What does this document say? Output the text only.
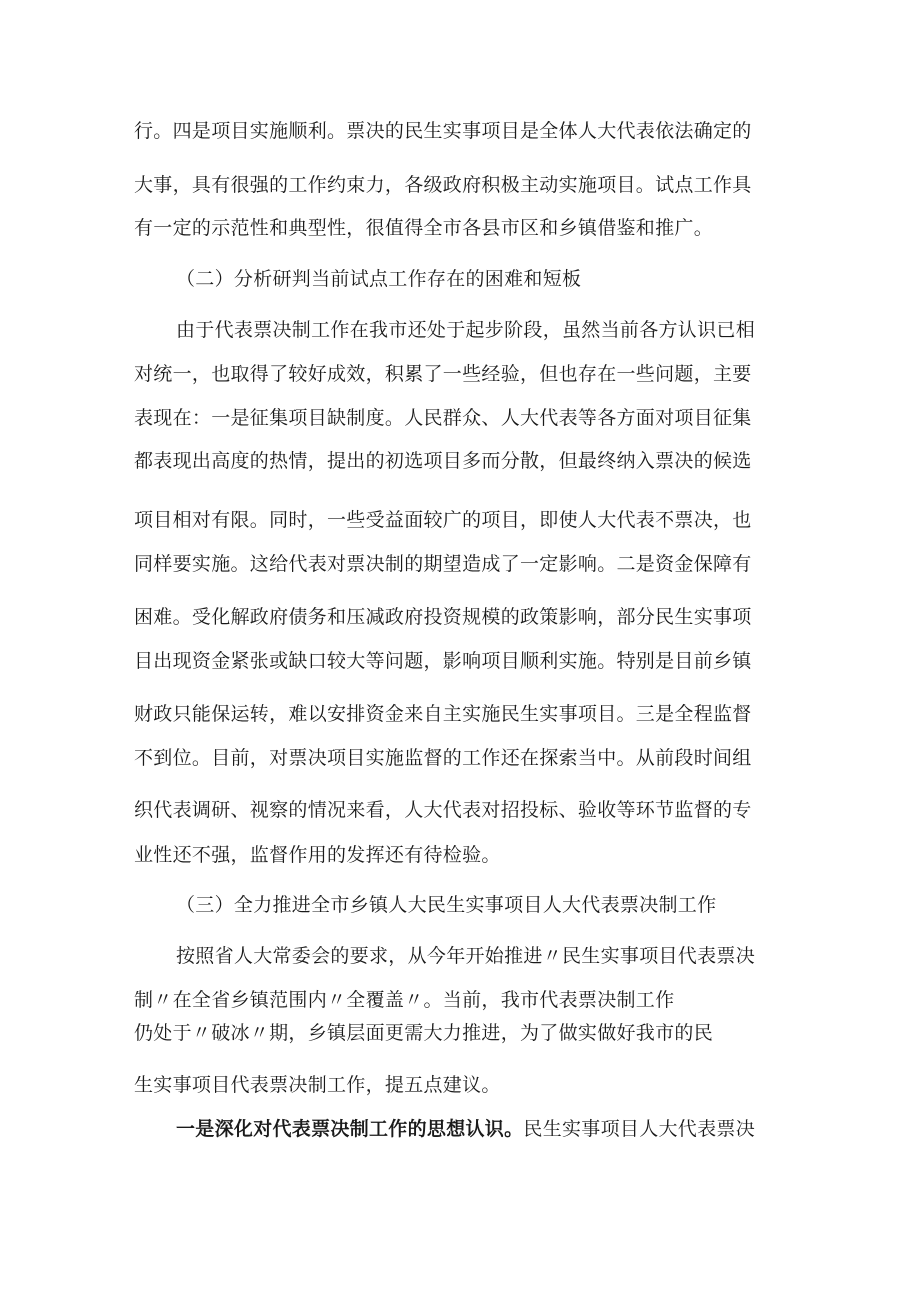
行。四是项目实施顺利。票决的民生实事项目是全体人大代表依法确定的
大事，具有很强的工作约束力，各级政府积极主动实施项目。试点工作具
有一定的示范性和典型性，很值得全市各县市区和乡镇借鉴和推广。
（二）分析研判当前试点工作存在的困难和短板
由于代表票决制工作在我市还处于起步阶段，虽然当前各方认识已相
对统一，也取得了较好成效，积累了一些经验，但也存在一些问题，主要
表现在：一是征集项目缺制度。人民群众、人大代表等各方面对项目征集
都表现出高度的热情，提出的初选项目多而分散，但最终纳入票决的候选
项目相对有限。同时，一些受益面较广的项目，即使人大代表不票决，也
同样要实施。这给代表对票决制的期望造成了一定影响。二是资金保障有
困难。受化解政府债务和压减政府投资规模的政策影响，部分民生实事项
目出现资金紧张或缺口较大等问题，影响项目顺利实施。特别是目前乡镇
财政只能保运转，难以安排资金来自主实施民生实事项目。三是全程监督
不到位。目前，对票决项目实施监督的工作还在探索当中。从前段时间组
织代表调研、视察的情况来看，人大代表对招投标、验收等环节监督的专
业性还不强，监督作用的发挥还有待检验。
（三）全力推进全市乡镇人大民生实事项目人大代表票决制工作
按照省人大常委会的要求，从今年开始推进〃民生实事项目代表票决
制〃在全省乡镇范围内〃全覆盖〃。当前，我市代表票决制工作
仍处于〃破冰〃期，乡镇层面更需大力推进，为了做实做好我市的民
生实事项目代表票决制工作，提五点建议。
一是深化对代表票决制工作的思想认识。民生实事项目人大代表票决
